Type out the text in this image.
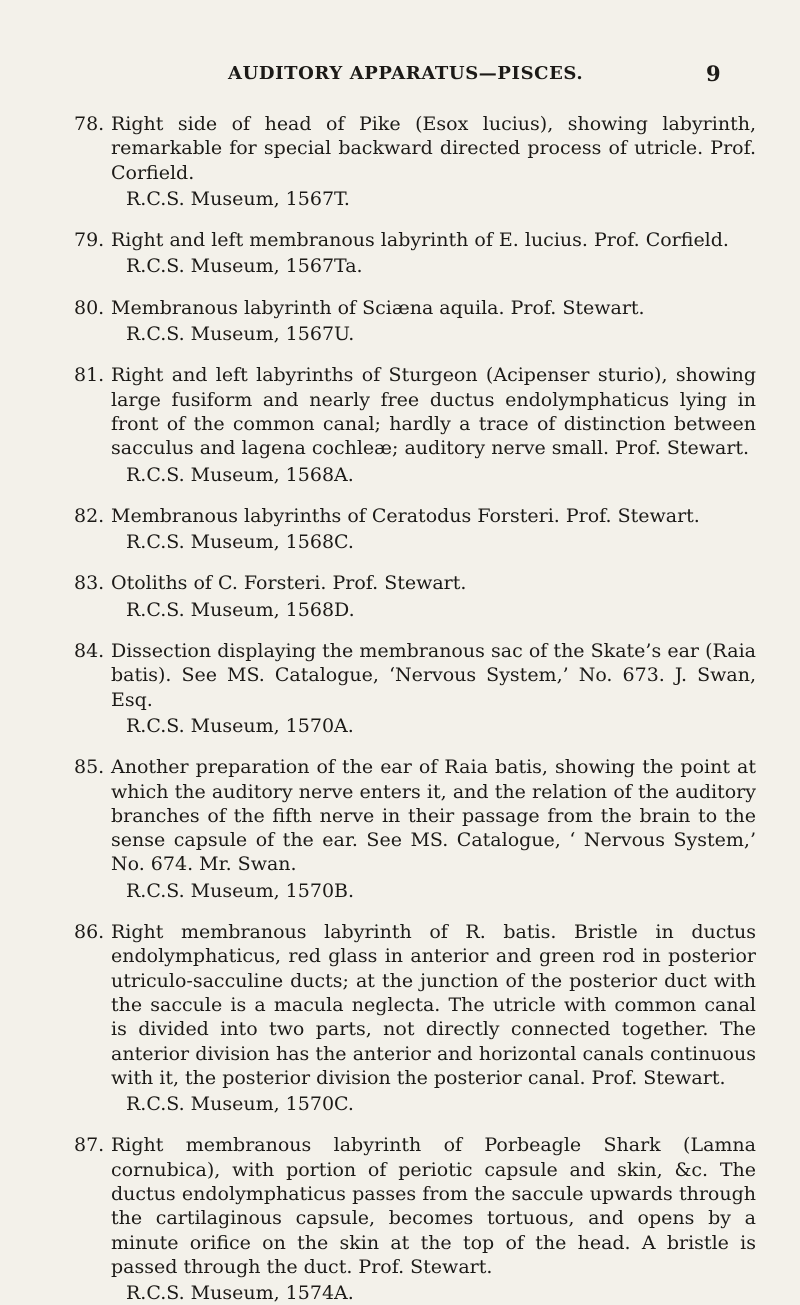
AUDITORY APPARATUS—PISCES.	9
78. Right side of head of Pike (Esox lucius), showing labyrinth, remarkable for special backward directed process of utricle. Prof. Corfield.
R.C.S. Museum, 1567T.
79. Right and left membranous labyrinth of E. lucius. Prof. Corfield.
R.C.S. Museum, 1567Ta.
80. Membranous labyrinth of Sciæna aquila. Prof. Stewart.
R.C.S. Museum, 1567U.
81. Right and left labyrinths of Sturgeon (Acipenser sturio), showing large fusiform and nearly free ductus endolymphaticus lying in front of the common canal; hardly a trace of distinction between sacculus and lagena cochleæ; auditory nerve small. Prof. Stewart.
R.C.S. Museum, 1568A.
82. Membranous labyrinths of Ceratodus Forsteri. Prof. Stewart.
R.C.S. Museum, 1568C.
83. Otoliths of C. Forsteri. Prof. Stewart.
R.C.S. Museum, 1568D.
84. Dissection displaying the membranous sac of the Skate’s ear (Raia batis). See MS. Catalogue, ‘Nervous System,’ No. 673. J. Swan, Esq.
R.C.S. Museum, 1570A.
85. Another preparation of the ear of Raia batis, showing the point at which the auditory nerve enters it, and the relation of the auditory branches of the fifth nerve in their passage from the brain to the sense capsule of the ear. See MS. Catalogue, ‘ Nervous System,’ No. 674. Mr. Swan.
R.C.S. Museum, 1570B.
86. Right membranous labyrinth of R. batis. Bristle in ductus endolymphaticus, red glass in anterior and green rod in posterior utriculo-sacculine ducts; at the junction of the posterior duct with the saccule is a macula neglecta. The utricle with common canal is divided into two parts, not directly connected together. The anterior division has the anterior and horizontal canals continuous with it, the posterior division the posterior canal. Prof. Stewart.
R.C.S. Museum, 1570C.
87. Right membranous labyrinth of Porbeagle Shark (Lamna cornubica), with portion of periotic capsule and skin, &c. The ductus endolymphaticus passes from the saccule upwards through the cartilaginous capsule, becomes tortuous, and opens by a minute orifice on the skin at the top of the head. A bristle is passed through the duct. Prof. Stewart.
R.C.S. Museum, 1574A.
